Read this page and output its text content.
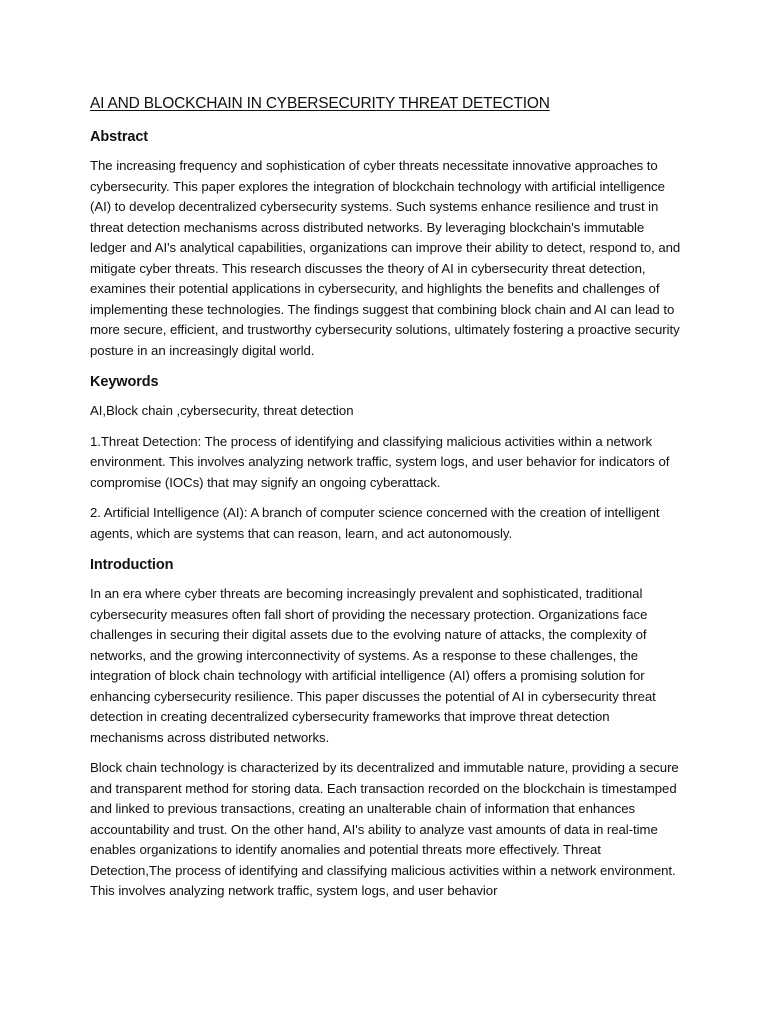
AI AND BLOCKCHAIN IN CYBERSECURITY THREAT DETECTION
Abstract

The increasing frequency and sophistication of cyber threats necessitate innovative approaches to cybersecurity. This paper explores the integration of blockchain technology with artificial intelligence (AI) to develop decentralized cybersecurity systems. Such systems enhance resilience and trust in threat detection mechanisms across distributed networks. By leveraging blockchain's immutable ledger and AI's analytical capabilities, organizations can improve their ability to detect, respond to, and mitigate cyber threats. This research discusses the theory of AI in cybersecurity threat detection, examines their potential applications in cybersecurity, and highlights the benefits and challenges of implementing these technologies. The findings suggest that combining block chain and AI can lead to more secure, efficient, and trustworthy cybersecurity solutions, ultimately fostering a proactive security posture in an increasingly digital world.

Keywords

AI,Block chain ,cybersecurity, threat detection

1.Threat Detection: The process of identifying and classifying malicious activities within a network environment. This involves analyzing network traffic, system logs, and user behavior for indicators of compromise (IOCs) that may signify an ongoing cyberattack.

2. Artificial Intelligence (AI): A branch of computer science concerned with the creation of intelligent agents, which are systems that can reason, learn, and act autonomously.

Introduction

In an era where cyber threats are becoming increasingly prevalent and sophisticated, traditional cybersecurity measures often fall short of providing the necessary protection. Organizations face challenges in securing their digital assets due to the evolving nature of attacks, the complexity of networks, and the growing interconnectivity of systems. As a response to these challenges, the integration of block chain technology with artificial intelligence (AI) offers a promising solution for enhancing cybersecurity resilience. This paper discusses the potential of AI in cybersecurity threat detection in creating decentralized cybersecurity frameworks that improve threat detection mechanisms across distributed networks.

Block chain technology is characterized by its decentralized and immutable nature, providing a secure and transparent method for storing data. Each transaction recorded on the blockchain is timestamped and linked to previous transactions, creating an unalterable chain of information that enhances accountability and trust. On the other hand, AI's ability to analyze vast amounts of data in real-time enables organizations to identify anomalies and potential threats more effectively. Threat Detection,The process of identifying and classifying malicious activities within a network environment. This involves analyzing network traffic, system logs, and user behavior
